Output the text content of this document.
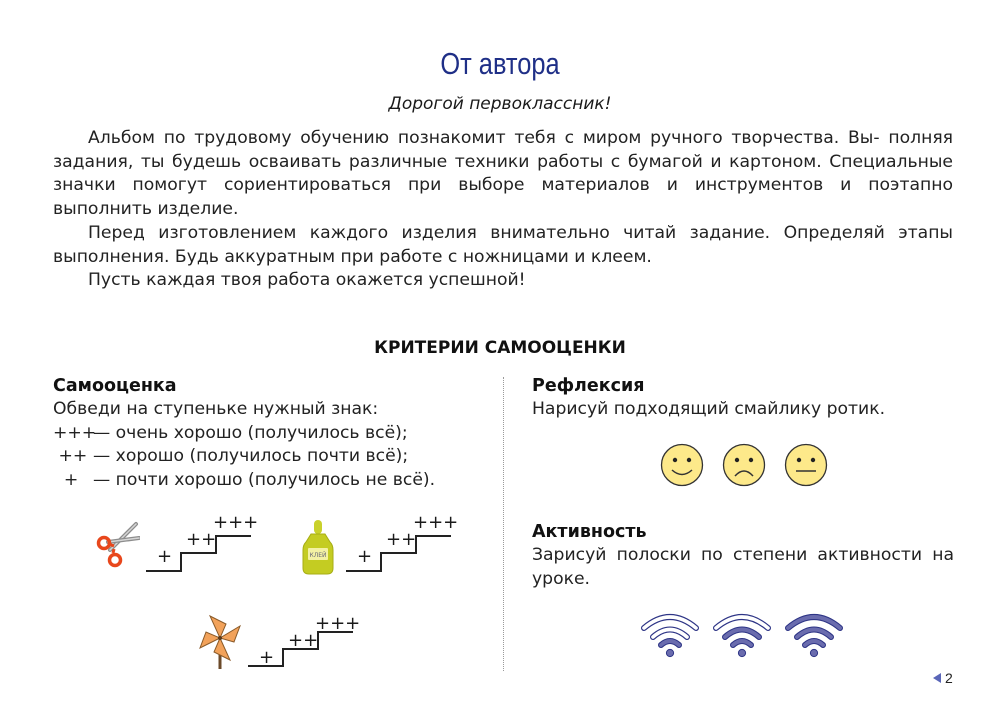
От автора
Дорогой первоклассник!

Альбом по трудовому обучению познакомит тебя с миром ручного творчества. Вы- полняя задания, ты будешь осваивать различные техники работы с бумагой и картоном. Специальные значки помогут сориентироваться при выборе материалов и инструментов и поэтапно выполнить изделие.

Перед изготовлением каждого изделия внимательно читай задание. Определяй этапы выполнения. Будь аккуратным при работе с ножницами и клеем.

Пусть каждая твоя работа окажется успешной!

КРИТЕРИИ САМООЦЕНКИ
Самооценка
Обведи на ступеньке нужный знак:
+++— очень хорошо (получилось всё);
++ — хорошо (получилось почти всё);
+ — почти хорошо (получилось не всё).
+
++
+++
КЛЕЙ +
++
+++
+
++
+++
Рефлексия
Нарисуй подходящий смайлику ротик.
Активность
Зарисуй полоски по степени активности на уроке.
2
